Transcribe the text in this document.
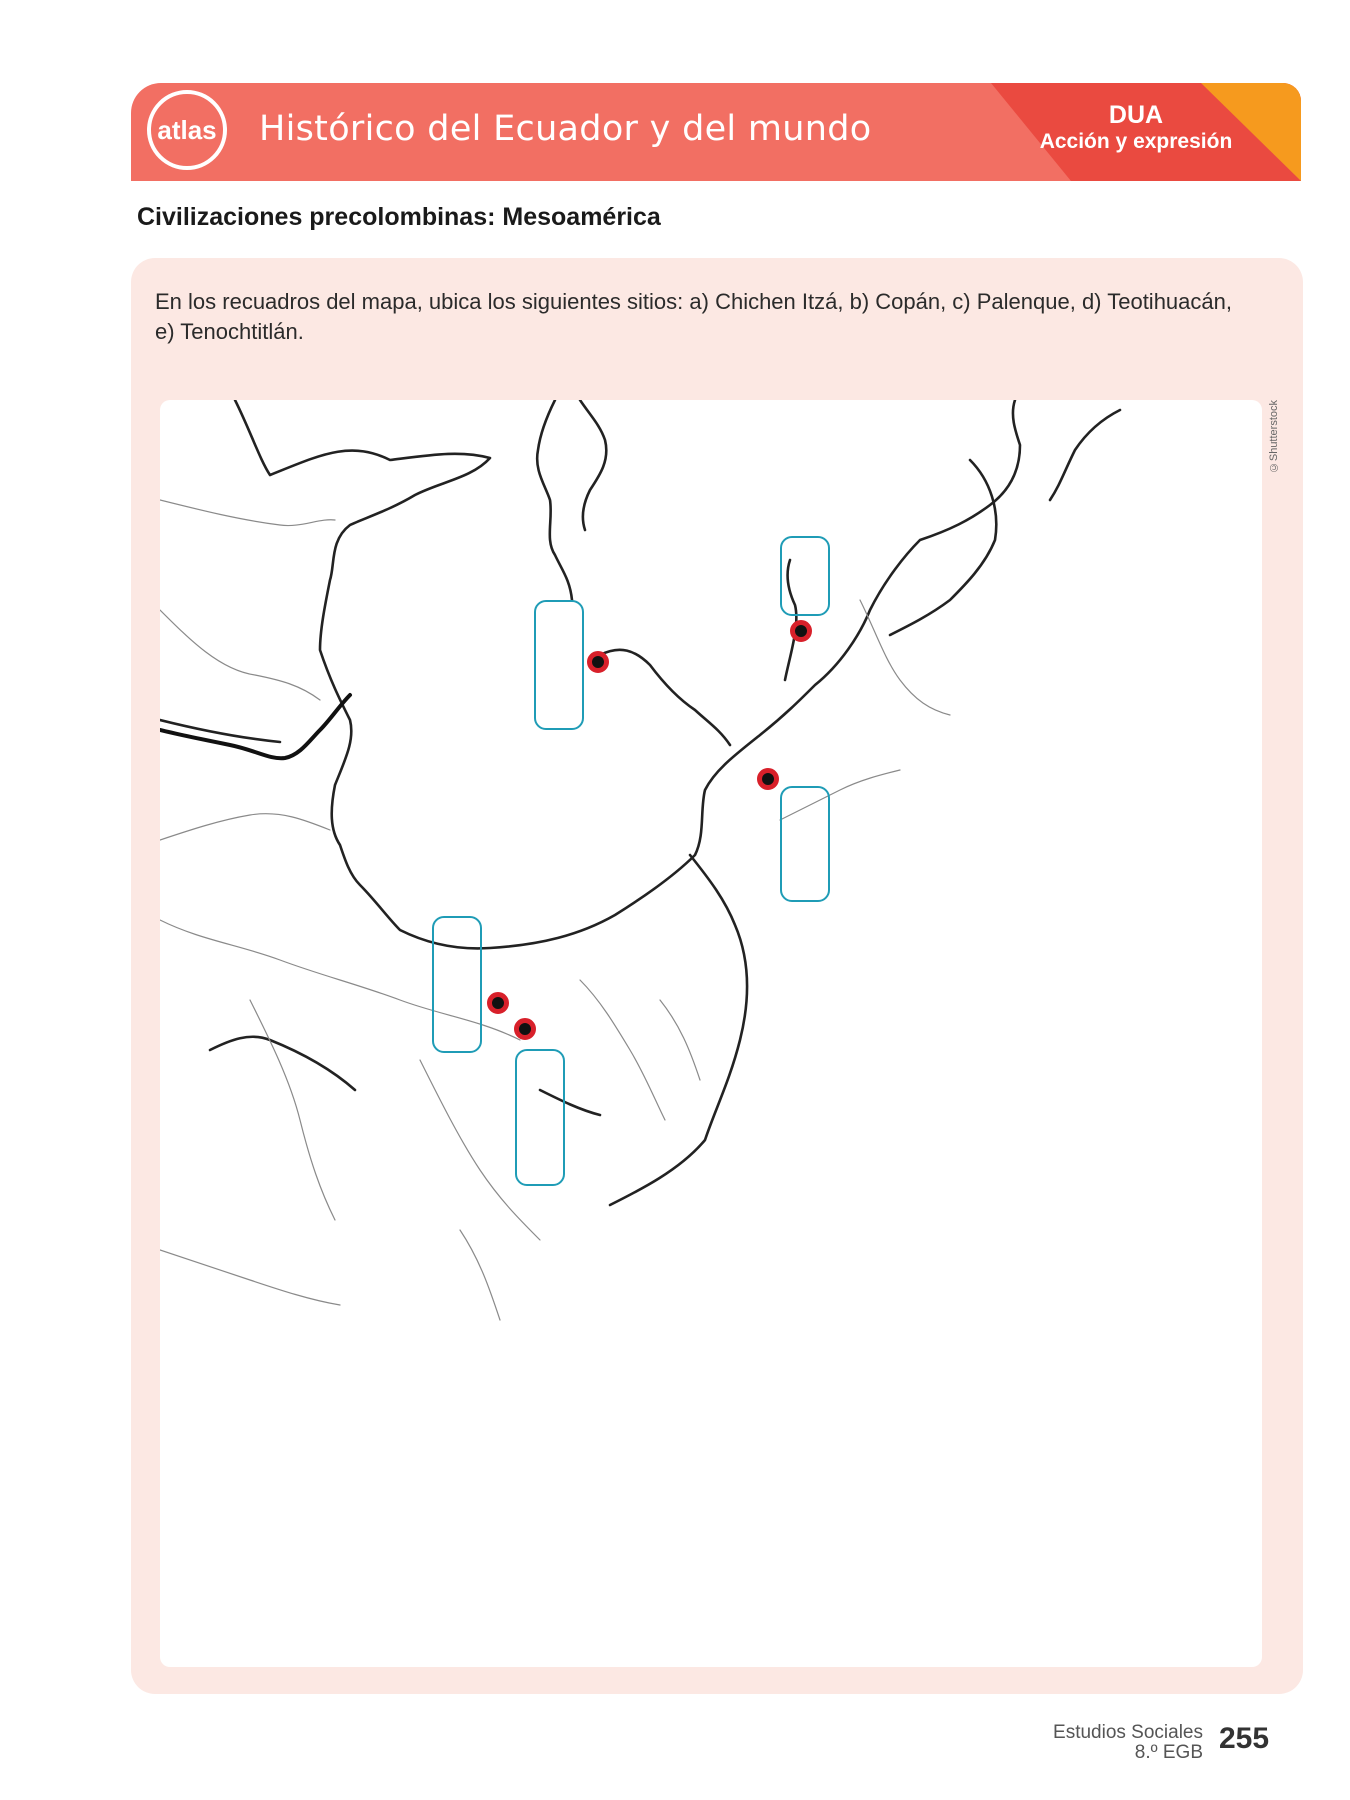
atlas Histórico del Ecuador y del mundo	DUA
Acción y expresión
Civilizaciones precolombinas: Mesoamérica
En los recuadros del mapa, ubica los siguientes sitios: a) Chichen Itzá, b) Copán, c) Palenque, d) Teotihuacán,
e) Tenochtitlán.
©Shutterstock
Estudios Sociales
8.º EGB 255
